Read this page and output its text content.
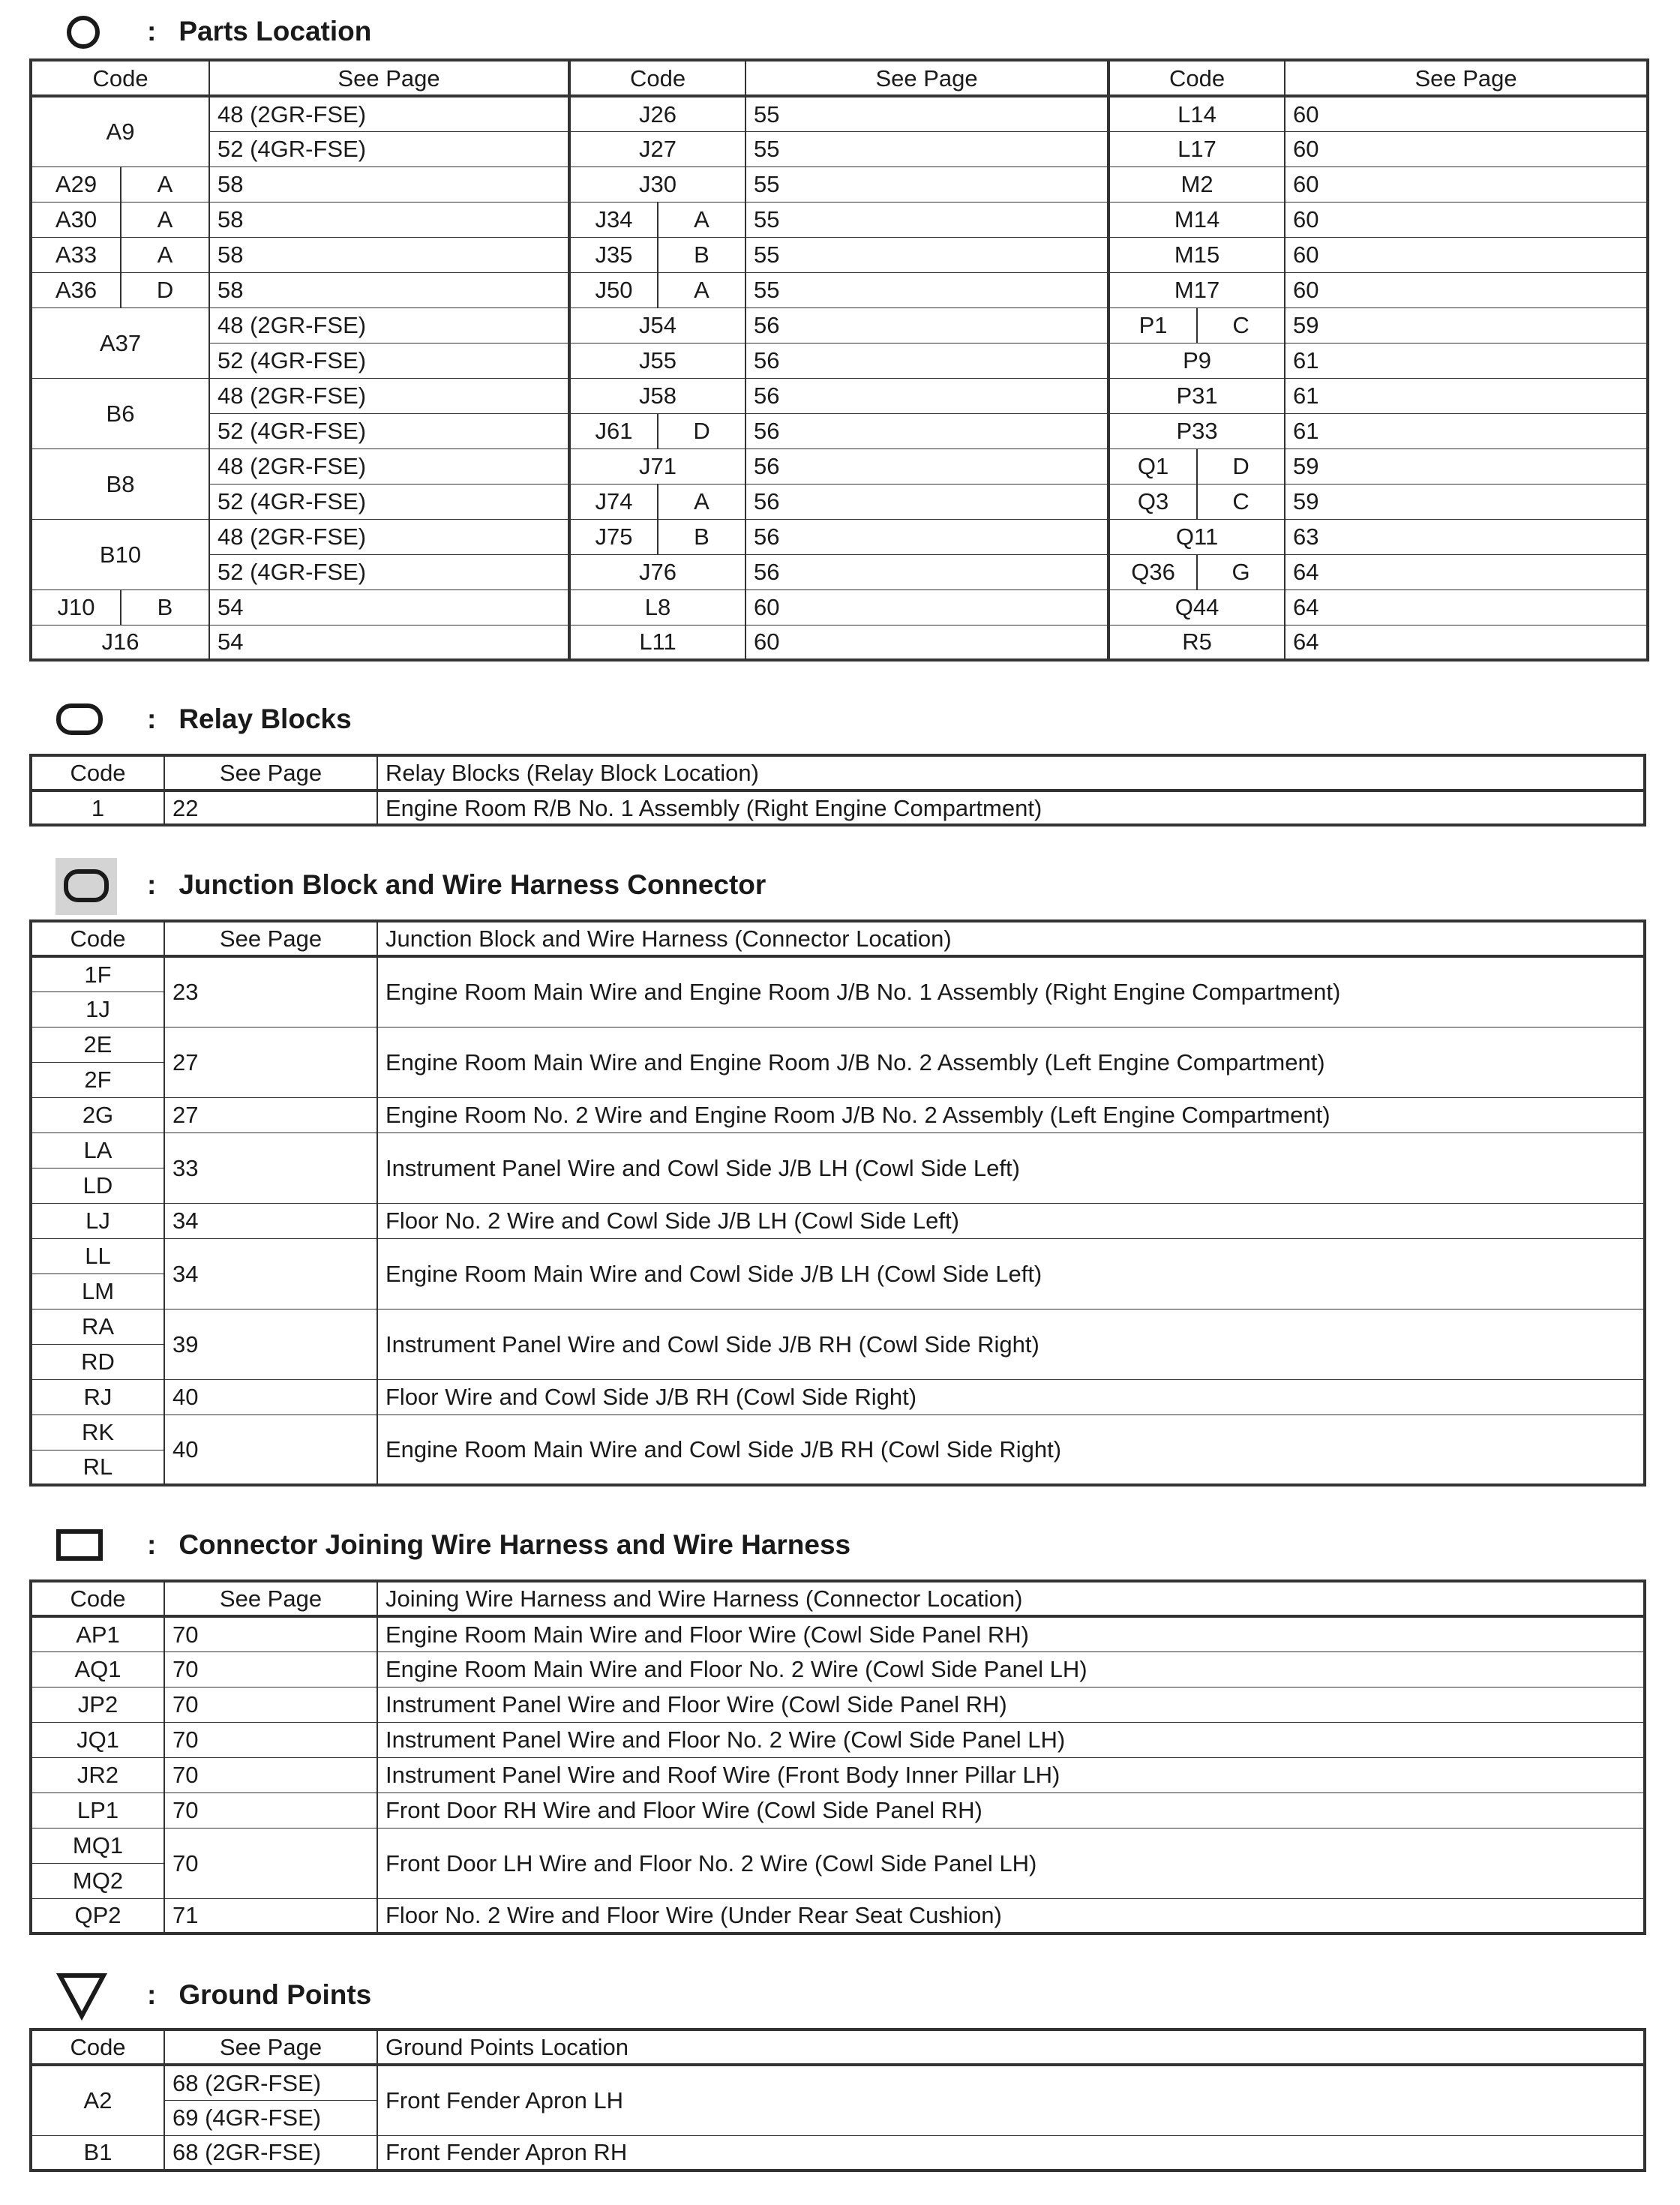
: Parts Location
Code		See Page	Code		See Page	Code		See Page
A9		48 (2GR-FSE)	J26		55	L14		60
		52 (4GR-FSE)	J27		55	L17		60
A29	A	58	J30		55	M2		60
A30	A	58	J34	A	55	M14		60
A33	A	58	J35	B	55	M15		60
A36	D	58	J50	A	55	M17		60
A37		48 (2GR-FSE)	J54		56	P1	C	59
		52 (4GR-FSE)	J55		56	P9		61
B6		48 (2GR-FSE)	J58		56	P31		61
		52 (4GR-FSE)	J61	D	56	P33		61
B8		48 (2GR-FSE)	J71		56	Q1	D	59
		52 (4GR-FSE)	J74	A	56	Q3	C	59
B10		48 (2GR-FSE)	J75	B	56	Q11		63
		52 (4GR-FSE)	J76		56	Q36	G	64
J10	B	54	L8		60	Q44		64
J16		54	L11		60	R5		64
: Relay Blocks
Code	See Page	Relay Blocks (Relay Block Location)
1	22	Engine Room R/B No. 1 Assembly (Right Engine Compartment)
: Junction Block and Wire Harness Connector
Code	See Page	Junction Block and Wire Harness (Connector Location)
1F	23	Engine Room Main Wire and Engine Room J/B No. 1 Assembly (Right Engine Compartment)
1J		
2E	27	Engine Room Main Wire and Engine Room J/B No. 2 Assembly (Left Engine Compartment)
2F		
2G	27	Engine Room No. 2 Wire and Engine Room J/B No. 2 Assembly (Left Engine Compartment)
LA	33	Instrument Panel Wire and Cowl Side J/B LH (Cowl Side Left)
LD		
LJ	34	Floor No. 2 Wire and Cowl Side J/B LH (Cowl Side Left)
LL	34	Engine Room Main Wire and Cowl Side J/B LH (Cowl Side Left)
LM		
RA	39	Instrument Panel Wire and Cowl Side J/B RH (Cowl Side Right)
RD		
RJ	40	Floor Wire and Cowl Side J/B RH (Cowl Side Right)
RK	40	Engine Room Main Wire and Cowl Side J/B RH (Cowl Side Right)
RL		
: Connector Joining Wire Harness and Wire Harness
Code	See Page	Joining Wire Harness and Wire Harness (Connector Location)
AP1	70	Engine Room Main Wire and Floor Wire (Cowl Side Panel RH)
AQ1	70	Engine Room Main Wire and Floor No. 2 Wire (Cowl Side Panel LH)
JP2	70	Instrument Panel Wire and Floor Wire (Cowl Side Panel RH)
JQ1	70	Instrument Panel Wire and Floor No. 2 Wire (Cowl Side Panel LH)
JR2	70	Instrument Panel Wire and Roof Wire (Front Body Inner Pillar LH)
LP1	70	Front Door RH Wire and Floor Wire (Cowl Side Panel RH)
MQ1	70	Front Door LH Wire and Floor No. 2 Wire (Cowl Side Panel LH)
MQ2		
QP2	71	Floor No. 2 Wire and Floor Wire (Under Rear Seat Cushion)
: Ground Points
Code	See Page	Ground Points Location
A2	68 (2GR-FSE)	Front Fender Apron LH
	69 (4GR-FSE)	
B1	68 (2GR-FSE)	Front Fender Apron RH
